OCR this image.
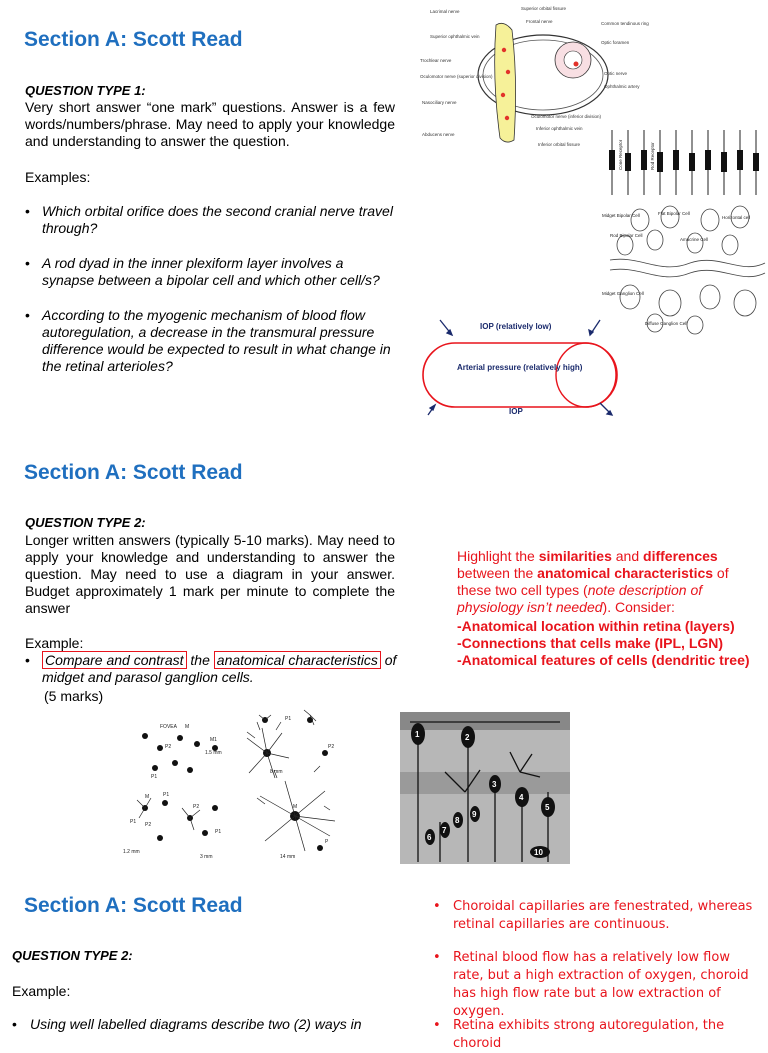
Section A: Scott Read
QUESTION TYPE 1:
Very short answer “one mark” questions. Answer is a few words/numbers/phrase. May need to apply your knowledge and understanding to answer the question.
Examples:
• Which orbital orifice does the second cranial nerve travel through?
• A rod dyad in the inner plexiform layer involves a synapse between a bipolar cell and which other cell/s?
• According to the myogenic mechanism of blood flow autoregulation, a decrease in the transmural pressure difference would be expected to result in what change in the retinal arterioles?
Lacrimal nerve
Superior orbital fissure
Frontal nerve
Superior ophthalmic vein
Common tendinous ring
Optic foramen
Trochlear nerve
Oculomotor nerve (superior division)
Optic nerve
Ophthalmic artery
Nasociliary nerve
Oculomotor nerve (inferior division)
Inferior ophthalmic vein
Abducens nerve
Inferior orbital fissure	Cone Receptor	Rod Receptor
Midget Bipolar Cell	Flat Bipolar Cell
Horizontal cell
Rod Bipolar Cell
Amacrine Cell
Midget Ganglion Cell
Diffuse Ganglion Cell
IOP (relatively low)
Arterial pressure (relatively high)
IOP
Section A: Scott Read
QUESTION TYPE 2:
Longer written answers (typically 5-10 marks). May need to apply your knowledge and understanding to answer the question. May need to use a diagram in your answer. Budget approximately 1 mark per minute to complete the answer
Example:
• Compare and contrast the anatomical characteristics of midget and parasol ganglion cells.
(5 marks)
Highlight the similarities and differences between the anatomical characteristics of these two cell types (note description of physiology isn’t needed). Consider:
-Anatomical location within retina (layers)
-Connections that cells make (IPL, LGN)
-Anatomical features of cells (dendritic tree)
FOVEA M
P2
M1
1.5 mm
P1
P1
P2
8 mm
M	P1
P2
P1 P2
M
P1
P
1.2 mm
3 mm	14 mm
1	2
3
4
5
6
7
8
9
10
Section A: Scott Read
QUESTION TYPE 2:
Example:
• Using well labelled diagrams describe two (2) ways in
• Choroidal capillaries are fenestrated, whereas retinal capillaries are continuous.
• Retinal blood flow has a relatively low flow rate, but a high extraction of oxygen, choroid has high flow rate but a low extraction of oxygen.
• Retina exhibits strong autoregulation, the choroid
